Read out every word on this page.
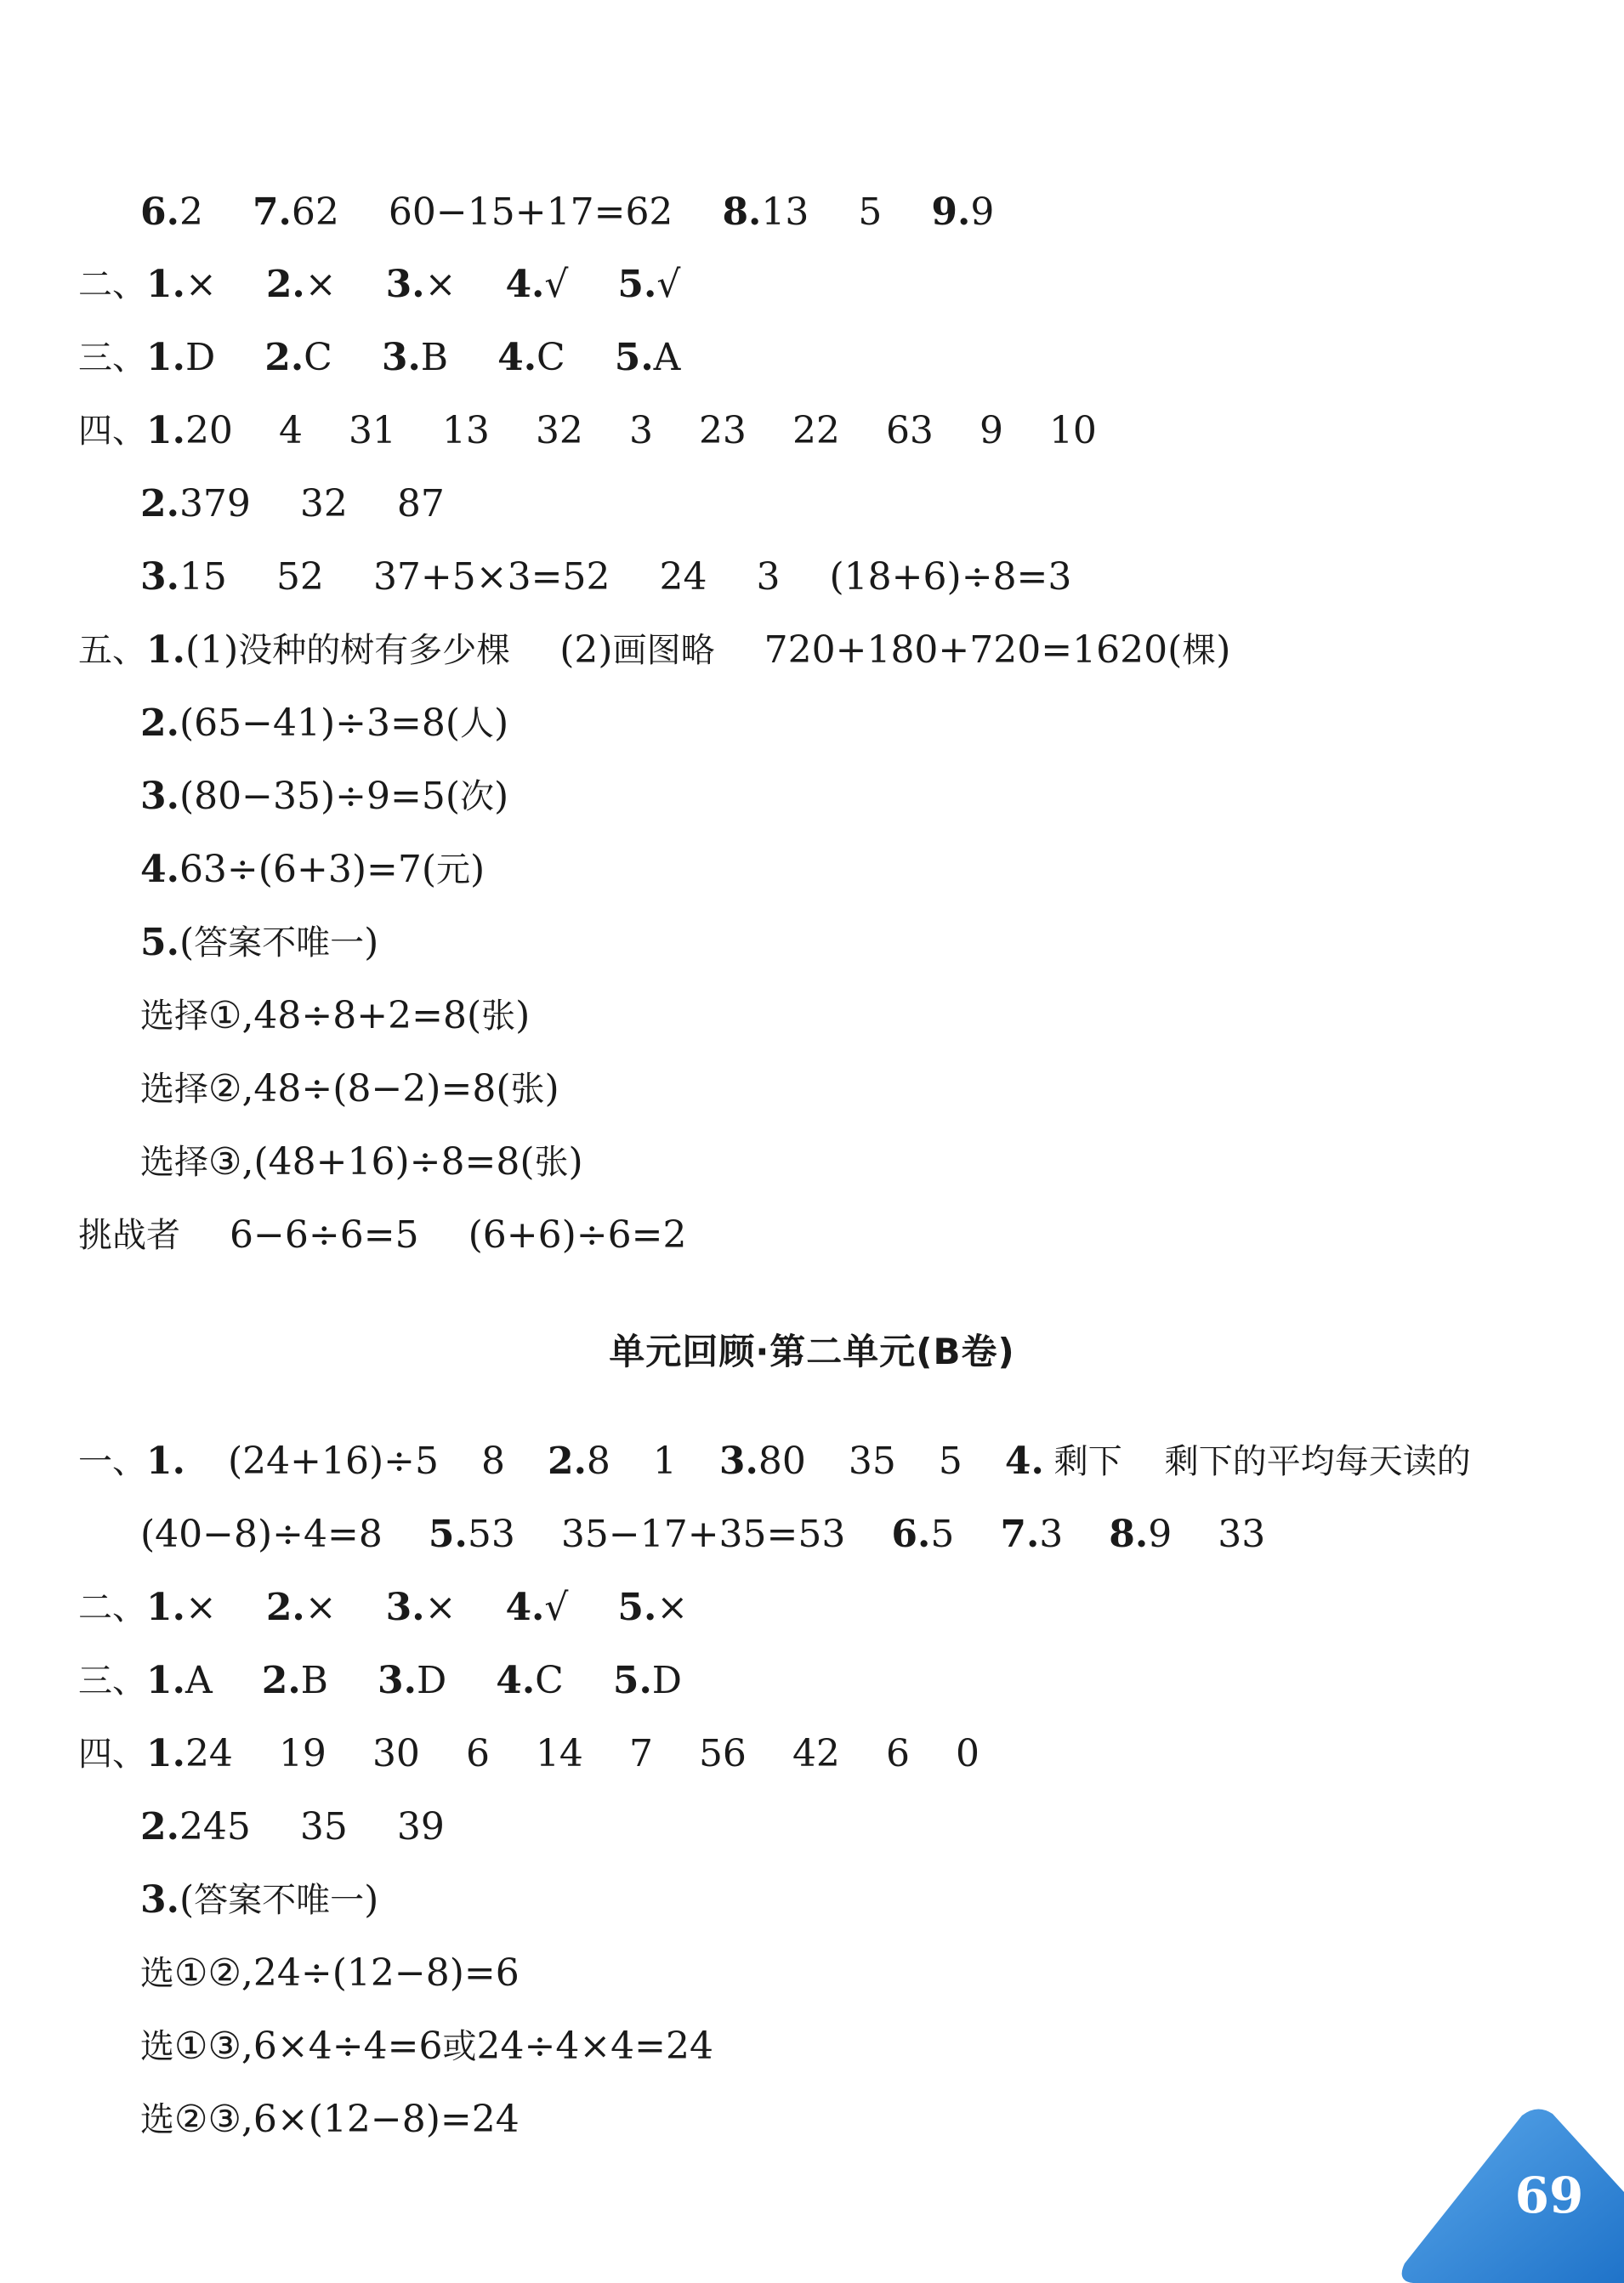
6.2 7.62 60−15+17=62 8.13 5 9.9
二、1.× 2.× 3.× 4.√ 5.√
三、1.D 2.C 3.B 4.C 5.A
四、1.20 4 31 13 32 3 23 22 63 9 10
2.379 32 87
3.15 52 37+5×3=52 24 3 (18+6)÷8=3
五、1.(1)没种的树有多少棵 (2)画图略 720+180+720=1620(棵)
2.(65−41)÷3=8(人)
3.(80−35)÷9=5(次)
4.63÷(6+3)=7(元)
5.(答案不唯一)
选择①,48÷8+2=8(张)
选择②,48÷(8−2)=8(张)
选择③,(48+16)÷8=8(张)
挑战者 6−6÷6=5 (6+6)÷6=2
单元回顾·第二单元(B卷)
一、1. (24+16)÷5 8 2.8 1 3.80 35 5 4. 剩下 剩下的平均每天读的
(40−8)÷4=8 5.53 35−17+35=53 6.5 7.3 8.9 33
二、1.× 2.× 3.× 4.√ 5.×
三、1.A 2.B 3.D 4.C 5.D
四、1.24 19 30 6 14 7 56 42 6 0
2.245 35 39
3.(答案不唯一)
选①②,24÷(12−8)=6
选①③,6×4÷4=6或24÷4×4=24
选②③,6×(12−8)=24
69
